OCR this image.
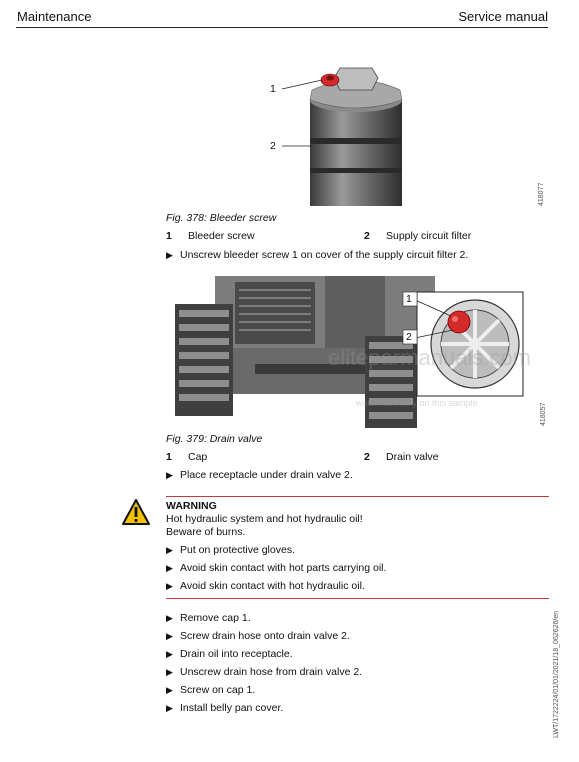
Maintenance	Service manual
1
2
418077
Fig. 378: Bleeder screw
1 Bleeder screw	2 Supply circuit filter
▶ Unscrew bleeder screw 1 on cover of the supply circuit filter 2.
1
2
418057
eliteparmanuals.com
watermark only on this sample
Fig. 379: Drain valve
1 Cap	2 Drain valve
▶ Place receptacle under drain valve 2.
WARNING
Hot hydraulic system and hot hydraulic oil!
Beware of burns.
▶ Put on protective gloves.
▶ Avoid skin contact with hot parts carrying oil.
▶ Avoid skin contact with hot hydraulic oil.
▶ Remove cap 1.
▶ Screw drain hose onto drain valve 2.
▶ Drain oil into receptacle.
▶ Unscrew drain hose from drain valve 2.
▶ Screw on cap 1.
▶ Install belly pan cover.	LWT/1722224/01/01/2021/18_062626/en
